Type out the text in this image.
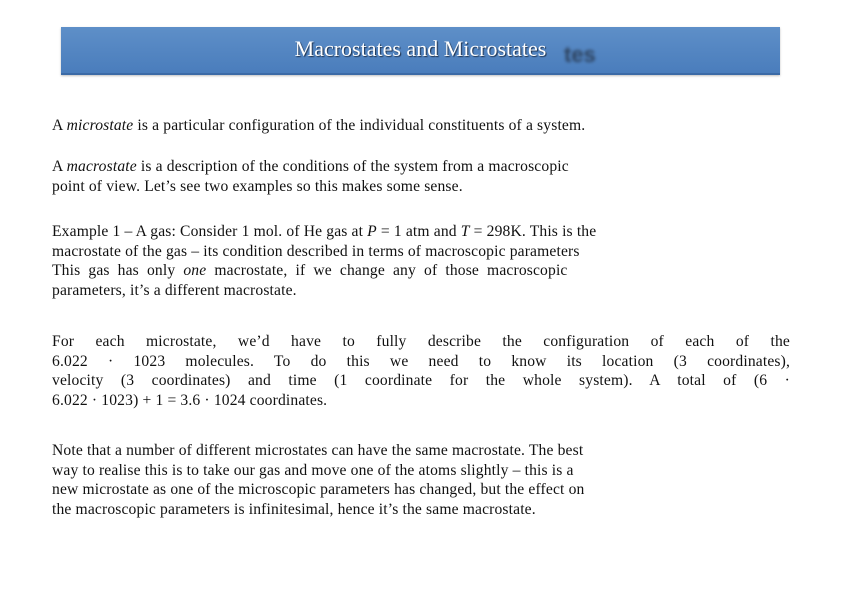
tes
Macrostates and Microstates

A microstate is a particular configuration of the individual constituents of a system.

A macrostate is a description of the conditions of the system from a macroscopic
point of view. Let’s see two examples so this makes some sense.

Example 1 – A gas: Consider 1 mol. of He gas at P = 1 atm and T = 298K. This is the
macrostate of the gas – its condition described in terms of macroscopic parameters
This gas has only one macrostate, if we change any of those macroscopic
parameters, it’s a different macrostate.

For each microstate, we’d have to fully describe the configuration of each of the
6.022 · 1023 molecules. To do this we need to know its location (3 coordinates),
velocity (3 coordinates) and time (1 coordinate for the whole system). A total of (6 ·
6.022 · 1023) + 1 = 3.6 · 1024 coordinates.

Note that a number of different microstates can have the same macrostate. The best
way to realise this is to take our gas and move one of the atoms slightly – this is a
new microstate as one of the microscopic parameters has changed, but the effect on
the macroscopic parameters is infinitesimal, hence it’s the same macrostate.
